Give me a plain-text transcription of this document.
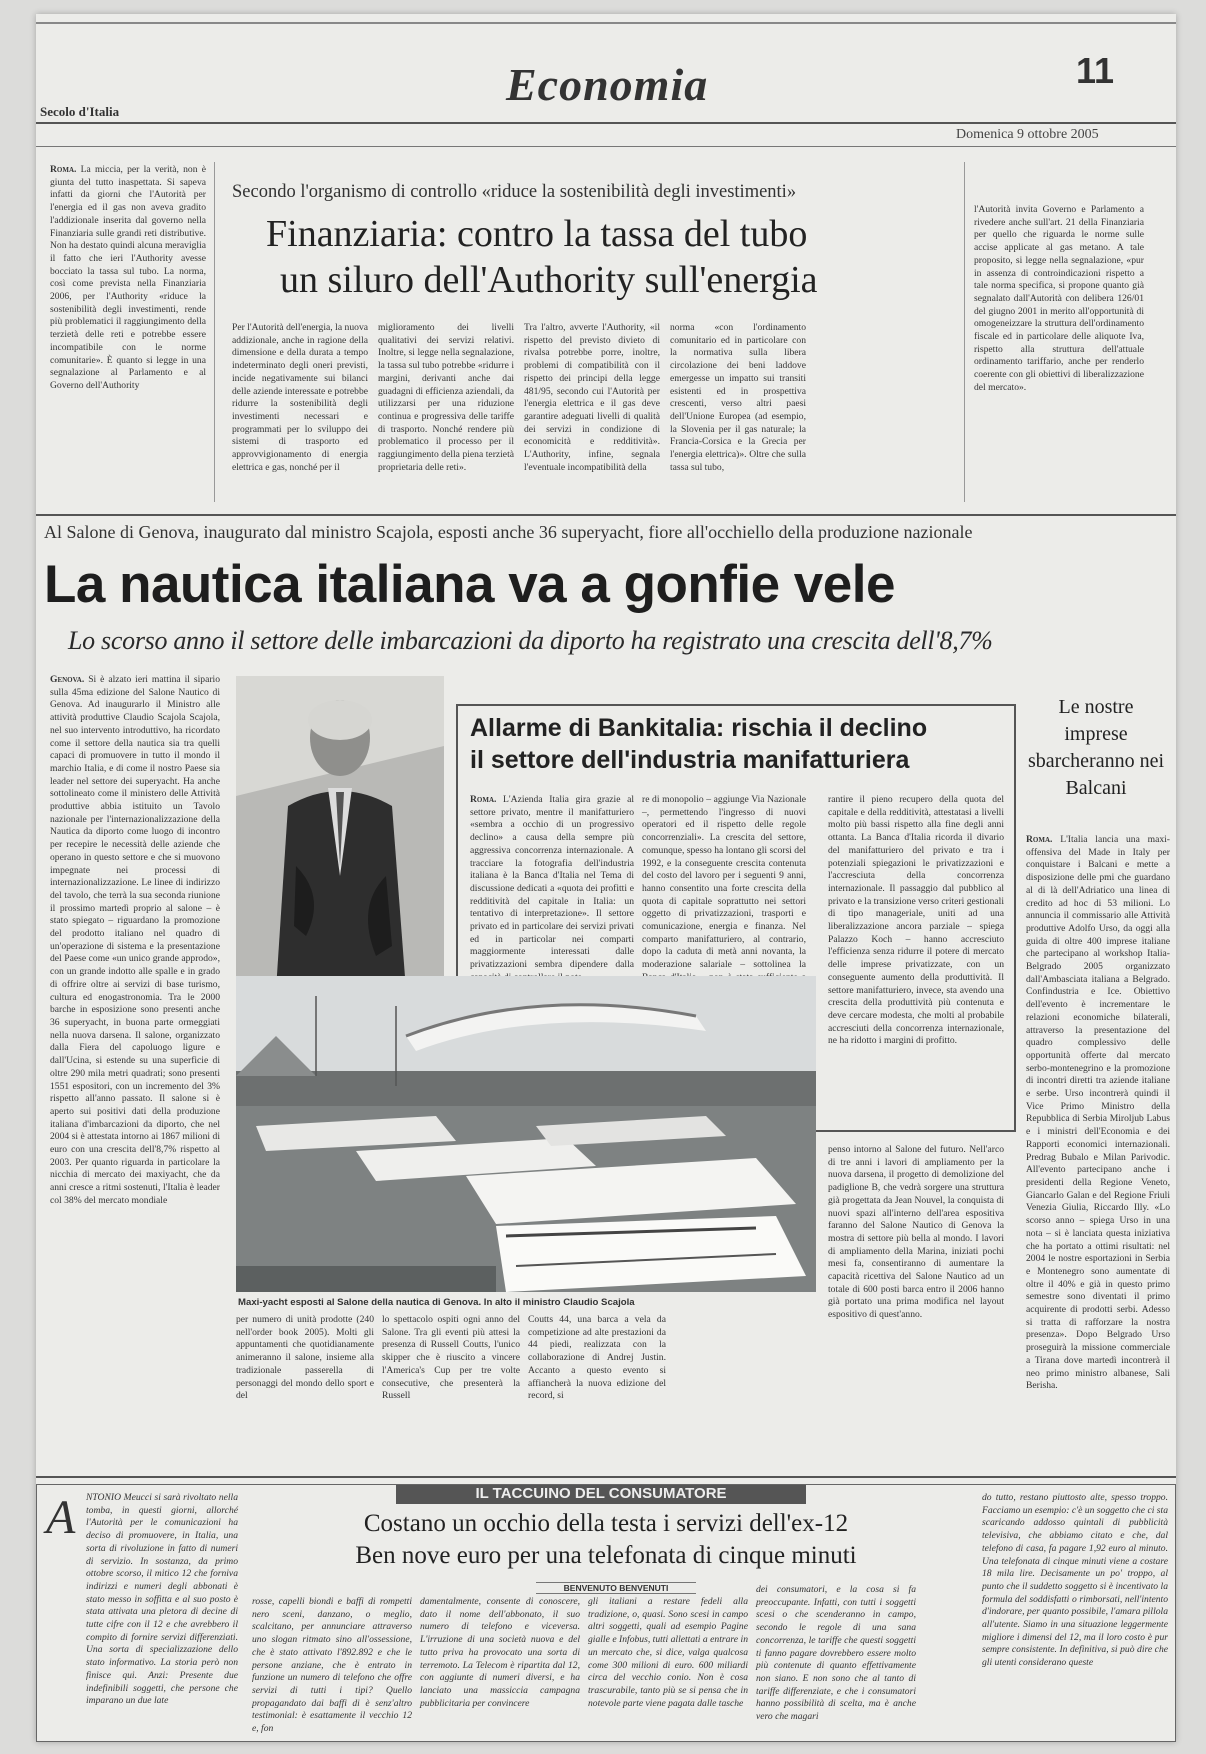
Secolo d'Italia
Economia	11
Domenica 9 ottobre 2005
Roma. La miccia, per la verità, non è giunta del tutto inaspettata. Si sapeva infatti da giorni che l'Autorità per l'energia ed il gas non aveva gradito l'addizionale inserita dal governo nella Finanziaria sulle grandi reti distributive. Non ha destato quindi alcuna meraviglia il fatto che ieri l'Authority avesse bocciato la tassa sul tubo. La norma, così come prevista nella Finanziaria 2006, per l'Authority «riduce la sostenibilità degli investimenti, rende più problematici il raggiungimento della terzietà delle reti e potrebbe essere incompatibile con le norme comunitarie». È quanto si legge in una segnalazione al Parlamento e al Governo dell'Authority
Secondo l'organismo di controllo «riduce la sostenibilità degli investimenti»
Finanziaria: contro la tassa del tubo
un siluro dell'Authority sull'energia
Per l'Autorità dell'energia, la nuova addizionale, anche in ragione della dimensione e della durata a tempo indeterminato degli oneri previsti, incide negativamente sui bilanci delle aziende interessate e potrebbe ridurre la sostenibilità degli investimenti necessari e programmati per lo sviluppo dei sistemi di trasporto ed approvvigionamento di energia elettrica e gas, nonché per il
miglioramento dei livelli qualitativi dei servizi relativi. Inoltre, si legge nella segnalazione, la tassa sul tubo potrebbe «ridurre i margini, derivanti anche dai guadagni di efficienza aziendali, da utilizzarsi per una riduzione continua e progressiva delle tariffe di trasporto. Nonché rendere più problematico il processo per il raggiungimento della piena terzietà proprietaria delle reti».
Tra l'altro, avverte l'Authority, «il rispetto del previsto divieto di rivalsa potrebbe porre, inoltre, problemi di compatibilità con il rispetto dei principi della legge 481/95, secondo cui l'Autorità per l'energia elettrica e il gas deve garantire adeguati livelli di qualità dei servizi in condizione di economicità e redditività». L'Authority, infine, segnala l'eventuale incompatibilità della
norma «con l'ordinamento comunitario ed in particolare con la normativa sulla libera circolazione dei beni laddove emergesse un impatto sui transiti esistenti ed in prospettiva crescenti, verso altri paesi dell'Unione Europea (ad esempio, la Slovenia per il gas naturale; la Francia-Corsica e la Grecia per l'energia elettrica)». Oltre che sulla tassa sul tubo,
l'Autorità invita Governo e Parlamento a rivedere anche sull'art. 21 della Finanziaria per quello che riguarda le norme sulle accise applicate al gas metano. A tale proposito, si legge nella segnalazione, «pur in assenza di controindicazioni rispetto a tale norma specifica, si propone quanto già segnalato dall'Autorità con delibera 126/01 del giugno 2001 in merito all'opportunità di omogeneizzare la struttura dell'ordinamento fiscale ed in particolare delle aliquote Iva, rispetto alla struttura dell'attuale ordinamento tariffario, anche per renderlo coerente con gli obiettivi di liberalizzazione del mercato».
Al Salone di Genova, inaugurato dal ministro Scajola, esposti anche 36 superyacht, fiore all'occhiello della produzione nazionale
La nautica italiana va a gonfie vele
Lo scorso anno il settore delle imbarcazioni da diporto ha registrato una crescita dell'8,7%
Genova. Si è alzato ieri mattina il sipario sulla 45ma edizione del Salone Nautico di Genova. Ad inaugurarlo il Ministro alle attività produttive Claudio Scajola Scajola, nel suo intervento introduttivo, ha ricordato come il settore della nautica sia tra quelli capaci di promuovere in tutto il mondo il marchio Italia, e di come il nostro Paese sia leader nel settore dei superyacht. Ha anche sottolineato come il ministero delle Attività produttive abbia istituito un Tavolo nazionale per l'internazionalizzazione della Nautica da diporto come luogo di incontro per recepire le necessità delle aziende che operano in questo settore e che si muovono impegnate nei processi di internazionalizzazione. Le linee di indirizzo del tavolo, che terrà la sua seconda riunione il prossimo martedì proprio al salone – è stato spiegato – riguardano la promozione del prodotto italiano nel quadro di un'operazione di sistema e la presentazione del Paese come «un unico grande approdo», con un grande indotto alle spalle e in grado di offrire oltre ai servizi di base turismo, cultura ed enogastronomia. Tra le 2000 barche in esposizione sono presenti anche 36 superyacht, in buona parte ormeggiati nella nuova darsena. Il salone, organizzato dalla Fiera del capoluogo ligure e dall'Ucina, si estende su una superficie di oltre 290 mila metri quadrati; sono presenti 1551 espositori, con un incremento del 3% rispetto all'anno passato. Il salone si è aperto sui positivi dati della produzione italiana d'imbarcazioni da diporto, che nel 2004 si è attestata intorno ai 1867 milioni di euro con una crescita dell'8,7% rispetto al 2003. Per quanto riguarda in particolare la nicchia di mercato dei maxiyacht, che da anni cresce a ritmi sostenuti, l'Italia è leader col 38% del mercato mondiale
Allarme di Bankitalia: rischia il declino
il settore dell'industria manifatturiera
Roma. L'Azienda Italia gira grazie al settore privato, mentre il manifatturiero «sembra a occhio di un progressivo declino» a causa della sempre più aggressiva concorrenza internazionale. A tracciare la fotografia dell'industria italiana è la Banca d'Italia nel Tema di discussione dedicati a «quota dei profitti e redditività del capitale in Italia: un tentativo di interpretazione». Il settore privato ed in particolare dei servizi privati ed in particolar nei comparti maggiormente interessati dalle privatizzazioni sembra dipendere dalla
re di monopolio – aggiunge Via Nazionale –, permettendo l'ingresso di nuovi operatori ed il rispetto delle regole concorrenziali». La crescita del settore, comunque, spesso ha lontano gli scorsi del 1992, e la conseguente crescita contenuta del costo del lavoro per i seguenti 9 anni, hanno consentito una forte crescita della quota di capitale soprattutto nei settori oggetto di privatizzazioni, trasporti e comunicazione, energia e finanza. Nel comparto manifatturiero, al contrario, dopo la caduta di metà anni novanta, la moderazione salariale – sottolinea la
rantire il pieno recupero della quota del capitale e della redditività, attestatasi a livelli molto più bassi rispetto alla fine degli anni ottanta. La Banca d'Italia ricorda il divario del manifatturiero del privato e tra i potenziali spiegazioni le privatizzazioni e l'accresciuta della concorrenza internazionale. Il passaggio dal pubblico al privato e la transizione verso criteri gestionali di tipo manageriale, uniti ad una liberalizzazione ancora parziale – spiega Palazzo Koch – hanno accresciuto l'efficienza senza ridurre il potere di mercato delle imprese privatizzate, con un conseguente aumento della produttività. Il settore manifatturiero, invece, sta avendo una crescita della produttività più contenuta e deve cercare modesta, che molti al probabile accresciuti della concorrenza internazionale, ne ha ridotto i margini di profitto.
Maxi-yacht esposti al Salone della nautica di Genova. In alto il ministro Claudio Scajola
per numero di unità prodotte (240 nell'order book 2005). Molti gli appuntamenti che quotidianamente animeranno il salone, insieme alla tradizionale passerella di personaggi del mondo dello sport e del
lo spettacolo ospiti ogni anno del Salone. Tra gli eventi più attesi la presenza di Russell Coutts, l'unico skipper che è riuscito a vincere l'America's Cup per tre volte consecutive, che presenterà la Russell
Coutts 44, una barca a vela da competizione ad alte prestazioni da 44 piedi, realizzata con la collaborazione di Andrej Justin. Accanto a questo evento si affiancherà la nuova edizione del record, si
penso intorno al Salone del futuro. Nell'arco di tre anni i lavori di ampliamento per la nuova darsena, il progetto di demolizione del padiglione B, che vedrà sorgere una struttura già progettata da Jean Nouvel, la conquista di nuovi spazi all'interno dell'area espositiva faranno del Salone Nautico di Genova la mostra di settore più bella al mondo. I lavori di ampliamento della Marina, iniziati pochi mesi fa, consentiranno di aumentare la capacità ricettiva del Salone Nautico ad un totale di 600 posti barca entro il 2006 hanno già portato una prima modifica nel layout espositivo di quest'anno.
Le nostre imprese sbarcheranno nei Balcani
Roma. L'Italia lancia una maxi-offensiva del Made in Italy per conquistare i Balcani e mette a disposizione delle pmi che guardano al di là dell'Adriatico una linea di credito ad hoc di 53 milioni. Lo annuncia il commissario alle Attività produttive Adolfo Urso, da oggi alla guida di oltre 400 imprese italiane che partecipano al workshop Italia-Belgrado 2005 organizzato dall'Ambasciata italiana a Belgrado. Confindustria e Ice. Obiettivo dell'evento è incrementare le relazioni economiche bilaterali, attraverso la presentazione del quadro complessivo delle opportunità offerte dal mercato serbo-montenegrino e la promozione di incontri diretti tra aziende italiane e serbe. Urso incontrerà quindi il Vice Primo Ministro della Repubblica di Serbia Miroljub Labus e i ministri dell'Economia e dei Rapporti economici internazionali. Predrag Bubalo e Milan Parivodic. All'evento partecipano anche i presidenti della Regione Veneto, Giancarlo Galan e del Regione Friuli Venezia Giulia, Riccardo Illy. «Lo scorso anno – spiega Urso in una nota – si è lanciata questa iniziativa che ha portato a ottimi risultati: nel 2004 le nostre esportazioni in Serbia e Montenegro sono aumentate di oltre il 40% e già in questo primo semestre sono diventati il primo acquirente di prodotti serbi. Adesso si tratta di rafforzare la nostra presenza». Dopo Belgrado Urso proseguirà la missione commerciale a Tirana dove martedì incontrerà il neo primo ministro albanese, Sali Berisha.
IL TACCUINO DEL CONSUMATORE
A NTONIO Meucci si sarà rivoltato nella tomba, in questi giorni, allorché l'Autorità per le comunicazioni ha deciso di promuovere, in Italia, una sorta di rivoluzione in fatto di numeri di servizio. In sostanza, da primo ottobre scorso, il mitico 12 che forniva indirizzi e numeri degli abbonati è stato messo in soffitta e al suo posto è stata attivata una pletora di decine di tutte cifre con il 12 e che avrebbero il compito di fornire servizi differenziati. Una sorta di specializzazione dello stato informativo. La storia però non finisce qui. Anzi: Presente due indefinibili soggetti, che persone che imparano un due late
Costano un occhio della testa i servizi dell'ex-12
Ben nove euro per una telefonata di cinque minuti
BENVENUTO BENVENUTI
rosse, capelli biondi e baffi di rompetti nero sceni, danzano, o meglio, scalcitano, per annunciare attraverso uno slogan ritmato sino all'ossessione, che è stato attivato l'892.892 e che le persone anziane, che è entrato in funzione un numero di telefono che offre servizi di tutti i tipi? Quello propagandato dai baffi di è senz'altro testimonial: è esattamente il vecchio 12 e, fon
damentalmente, consente di conoscere, dato il nome dell'abbonato, il suo numero di telefono e viceversa. L'irruzione di una società nuova e del tutto priva ha provocato una sorta di terremoto. La Telecom è ripartita dal 12, con aggiunte di numeri diversi, e ha lanciato una massiccia campagna pubblicitaria per convincere
gli italiani a restare fedeli alla tradizione, o, quasi. Sono scesi in campo altri soggetti, quali ad esempio Pagine gialle e Infobus, tutti allettati a entrare in un mercato che, si dice, valga qualcosa come 300 milioni di euro. 600 miliardi circa del vecchio conio. Non è cosa trascurabile, tanto più se si pensa che in notevole parte viene pagata dalle tasche
dei consumatori, e la cosa si fa preoccupante. Infatti, con tutti i soggetti scesi o che scenderanno in campo, secondo le regole di una sana concorrenza, le tariffe che questi soggetti ti fanno pagare dovrebbero essere molto più contenute di quanto effettivamente non siano. E non sono che al tanto di tariffe differenziate, e che i consumatori hanno possibilità di scelta, ma è anche vero che magari
do tutto, restano piuttosto alte, spesso troppo. Facciamo un esempio: c'è un soggetto che ci sta scaricando addosso quintali di pubblicità televisiva, che abbiamo citato e che, dal telefono di casa, fa pagare 1,92 euro al minuto. Una telefonata di cinque minuti viene a costare 18 mila lire. Decisamente un po' troppo, al punto che il suddetto soggetto si è incentivato la formula del soddisfatti o rimborsati, nell'intento d'indorare, per quanto possibile, l'amara pillola all'utente. Siamo in una situazione leggermente migliore i dimensi del 12, ma il loro costo è pur sempre consistente. In definitiva, si può dire che gli utenti considerano queste
